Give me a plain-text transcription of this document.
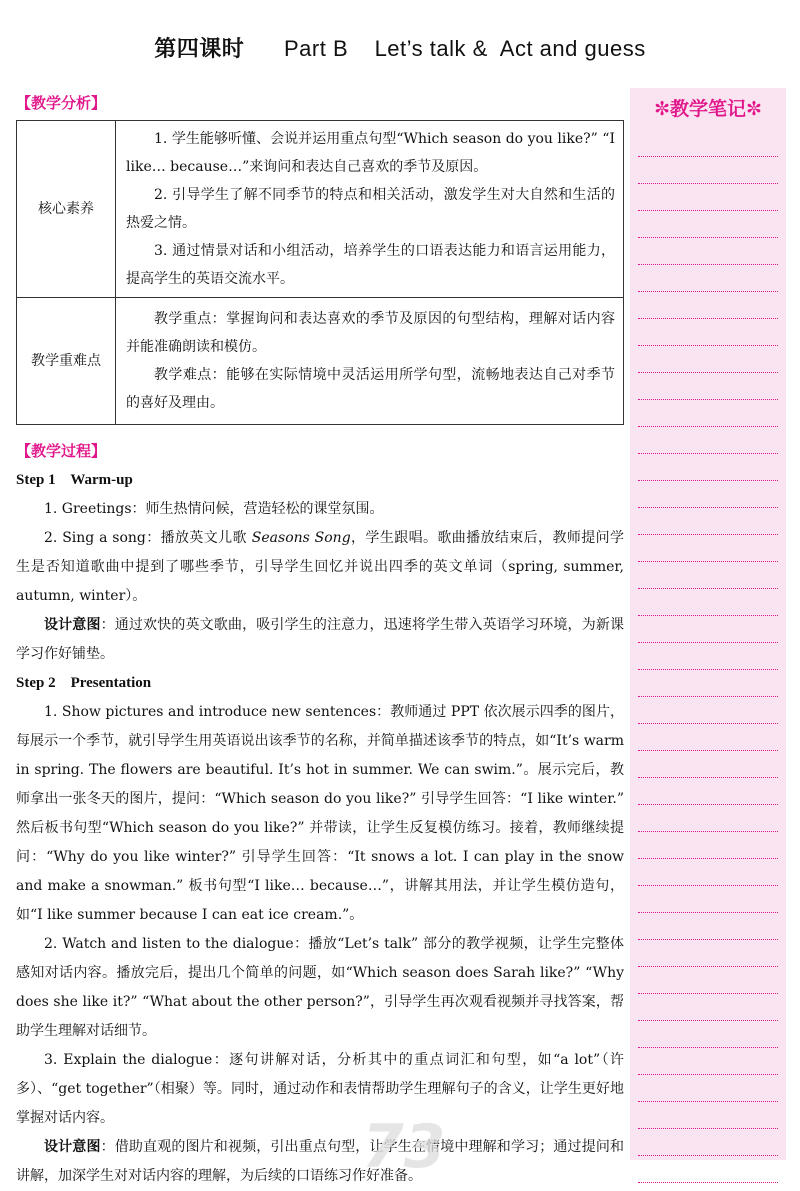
第四课时 Part B    Let’s talk &  Act and guess
【教学分析】
核心素养	1. 学生能够听懂、会说并运用重点句型“Which season do you like?” “I like… because…”来询问和表达自己喜欢的季节及原因。

2. 引导学生了解不同季节的特点和相关活动，激发学生对大自然和生活的热爱之情。

3. 通过情景对话和小组活动，培养学生的口语表达能力和语言运用能力，提高学生的英语交流水平。

教学重难点	教学重点：掌握询问和表达喜欢的季节及原因的句型结构，理解对话内容并能准确朗读和模仿。

教学难点：能够在实际情境中灵活运用所学句型，流畅地表达自己对季节的喜好及理由。

【教学过程】

Step 1    Warm-up

1. Greetings：师生热情问候，营造轻松的课堂氛围。

2. Sing a song：播放英文儿歌 Seasons Song，学生跟唱。歌曲播放结束后，教师提问学生是否知道歌曲中提到了哪些季节，引导学生回忆并说出四季的英文单词（spring, summer, autumn, winter）。

设计意图：通过欢快的英文歌曲，吸引学生的注意力，迅速将学生带入英语学习环境，为新课学习作好铺垫。

Step 2    Presentation

1. Show pictures and introduce new sentences：教师通过 PPT 依次展示四季的图片，每展示一个季节，就引导学生用英语说出该季节的名称，并简单描述该季节的特点，如“It’s warm in spring. The flowers are beautiful. It’s hot in summer. We can swim.”。展示完后，教师拿出一张冬天的图片，提问：“Which season do you like?” 引导学生回答：“I like winter.” 然后板书句型“Which season do you like?” 并带读，让学生反复模仿练习。接着，教师继续提问：“Why do you like winter?” 引导学生回答：“It snows a lot. I can play in the snow and make a snowman.” 板书句型“I like… because…”，讲解其用法，并让学生模仿造句，如“I like summer because I can eat ice cream.”。

2. Watch and listen to the dialogue：播放“Let’s talk” 部分的教学视频，让学生完整体感知对话内容。播放完后，提出几个简单的问题，如“Which season does Sarah like?” “Why does she like it?” “What about the other person?”，引导学生再次观看视频并寻找答案，帮助学生理解对话细节。

3. Explain the dialogue：逐句讲解对话，分析其中的重点词汇和句型，如“a lot”（许多）、“get together”（相聚）等。同时，通过动作和表情帮助学生理解句子的含义，让学生更好地掌握对话内容。

设计意图：借助直观的图片和视频，引出重点句型，让学生在情境中理解和学习；通过提问和讲解，加深学生对对话内容的理解，为后续的口语练习作好准备。

✼教学笔记✼
73
